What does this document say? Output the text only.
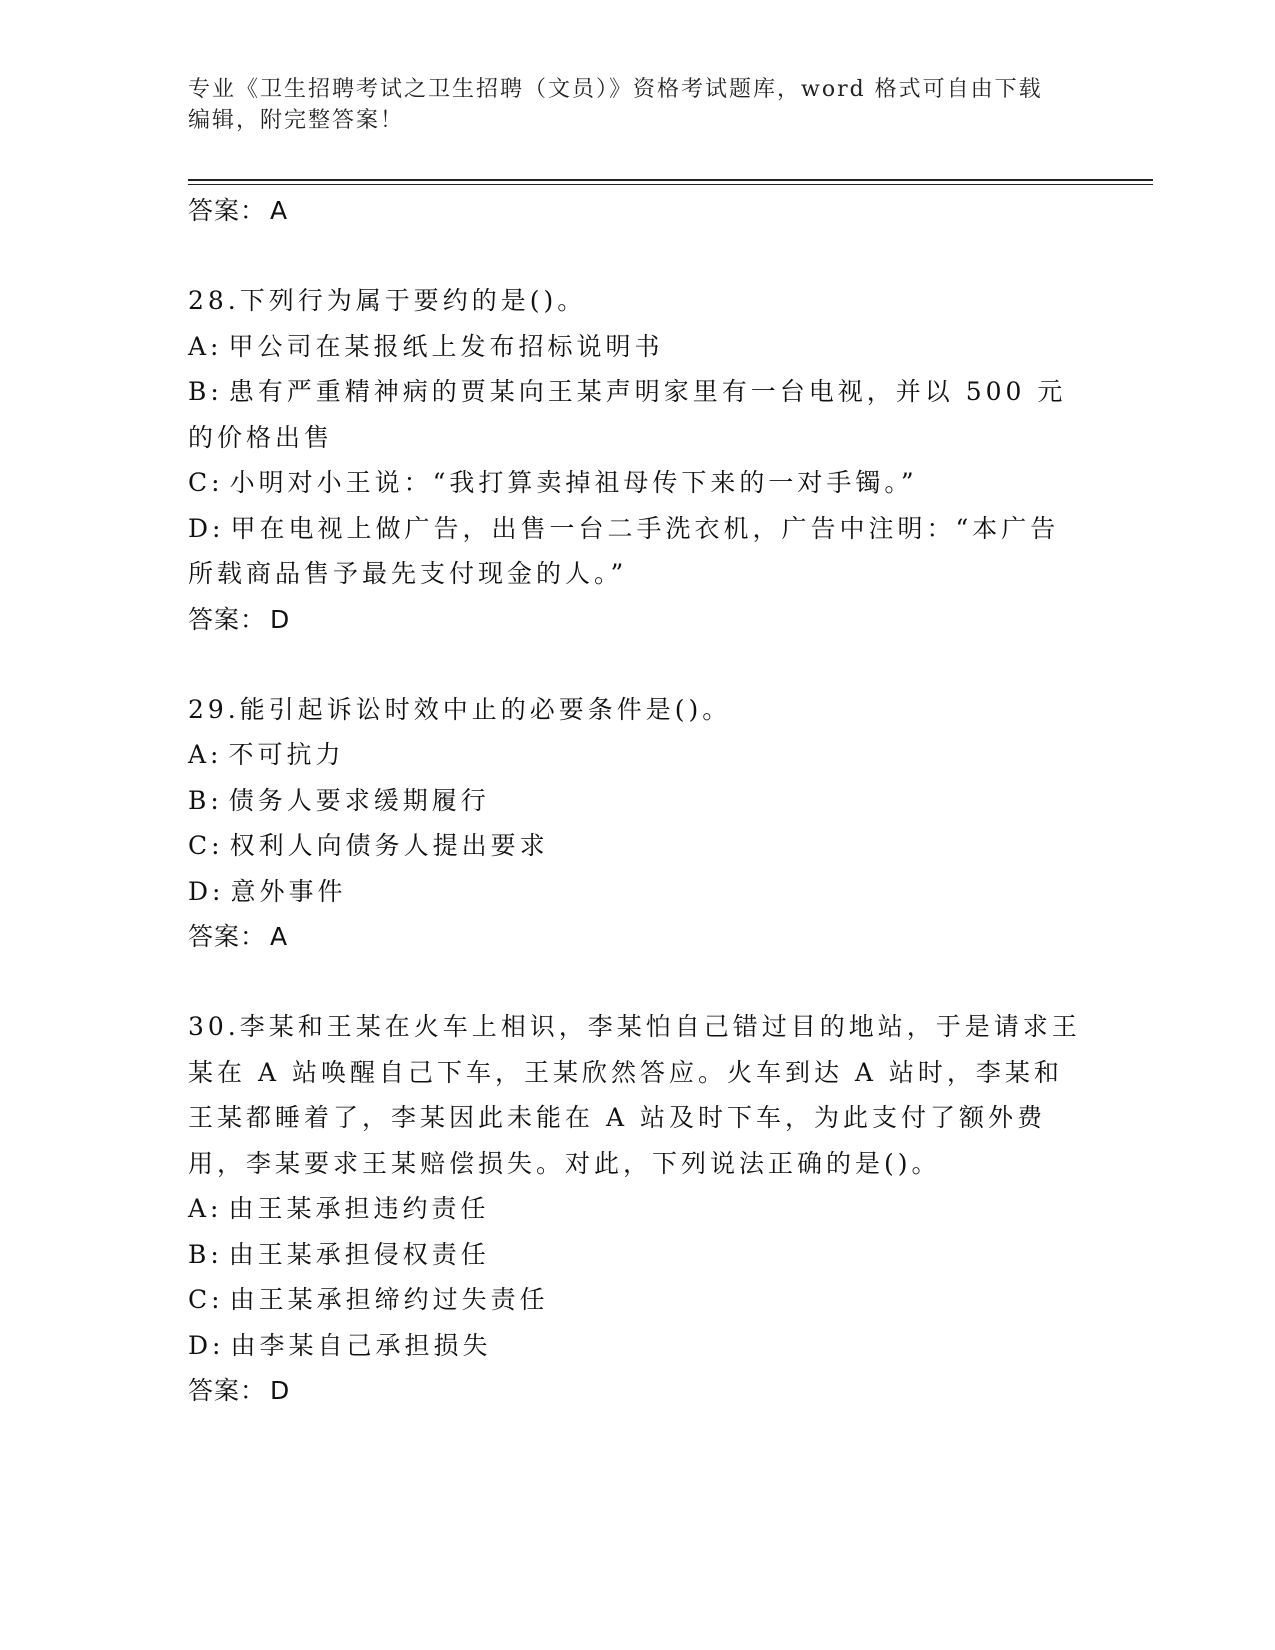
专业《卫生招聘考试之卫生招聘（文员）》资格考试题库，word 格式可自由下载
编辑，附完整答案！

答案： A

28.下列行为属于要约的是()。

A: 甲公司在某报纸上发布招标说明书

B: 患有严重精神病的贾某向王某声明家里有一台电视，并以 500 元的价格出售

C: 小明对小王说：“我打算卖掉祖母传下来的一对手镯。”

D: 甲在电视上做广告，出售一台二手洗衣机，广告中注明：“本广告所载商品售予最先支付现金的人。”

答案： D

29.能引起诉讼时效中止的必要条件是()。

A: 不可抗力

B: 债务人要求缓期履行

C: 权利人向债务人提出要求

D: 意外事件

答案： A

30.李某和王某在火车上相识，李某怕自己错过目的地站，于是请求王某在 A 站唤醒自己下车，王某欣然答应。火车到达 A 站时，李某和王某都睡着了，李某因此未能在 A 站及时下车，为此支付了额外费用，李某要求王某赔偿损失。对此，下列说法正确的是()。

A: 由王某承担违约责任

B: 由王某承担侵权责任

C: 由王某承担缔约过失责任

D: 由李某自己承担损失

答案： D
